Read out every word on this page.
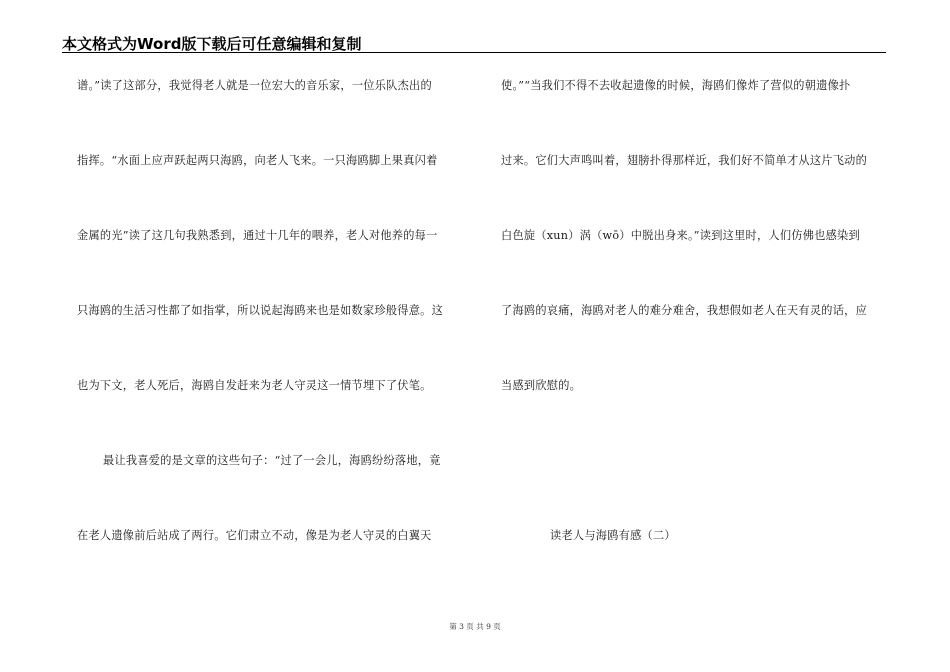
本文格式为Word版下载后可任意编辑和复制
谱。”读了这部分，我觉得老人就是一位宏大的音乐家，一位乐队杰出的
指挥。“水面上应声跃起两只海鸥，向老人飞来。一只海鸥脚上果真闪着
金属的光”读了这几句我熟悉到，通过十几年的喂养，老人对他养的每一
只海鸥的生活习性都了如指掌，所以说起海鸥来也是如数家珍般得意。这
也为下文，老人死后，海鸥自发赶来为老人守灵这一情节埋下了伏笔。
最让我喜爱的是文章的这些句子：“过了一会儿，海鸥纷纷落地，竟
在老人遗像前后站成了两行。它们肃立不动，像是为老人守灵的白翼天
使。”“当我们不得不去收起遗像的时候，海鸥们像炸了营似的朝遗像扑
过来。它们大声鸣叫着，翅膀扑得那样近，我们好不简单才从这片飞动的
白色旋（xun）涡（wō）中脱出身来。”读到这里时，人们仿佛也感染到
了海鸥的哀痛，海鸥对老人的难分难舍，我想假如老人在天有灵的话，应
当感到欣慰的。
读老人与海鸥有感（二）
第 3 页 共 9 页
